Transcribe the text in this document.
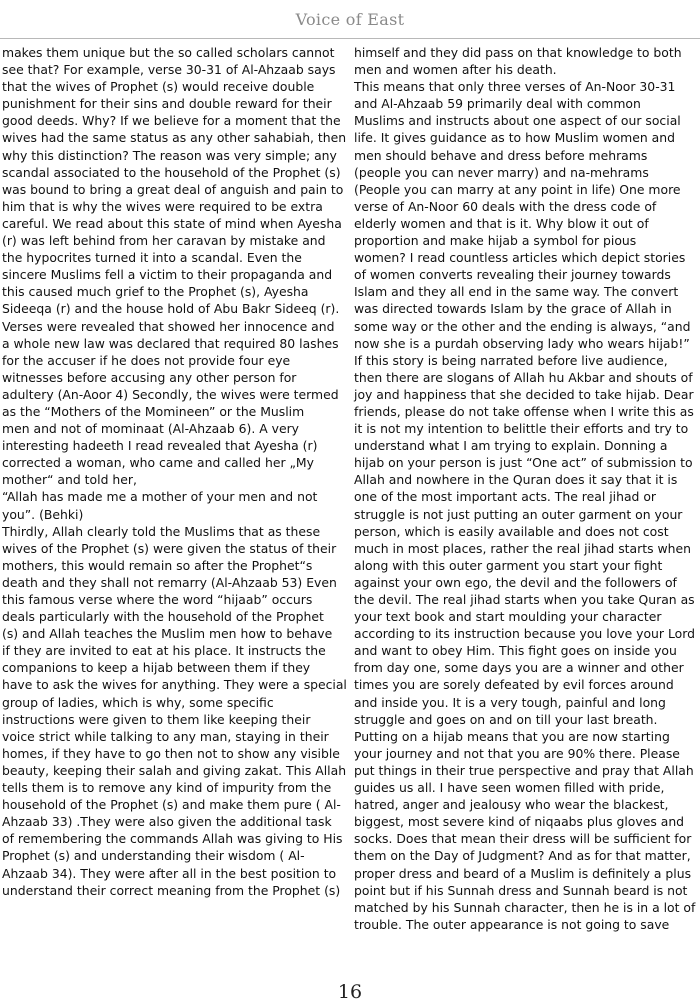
Voice of East
makes them unique but the so called scholars cannot
see that? For example, verse 30-31 of Al-Ahzaab says
that the wives of Prophet (s) would receive double
punishment for their sins and double reward for their
good deeds. Why? If we believe for a moment that the
wives had the same status as any other sahabiah, then
why this distinction? The reason was very simple; any
scandal associated to the household of the Prophet (s)
was bound to bring a great deal of anguish and pain to
him that is why the wives were required to be extra
careful. We read about this state of mind when Ayesha
(r) was left behind from her caravan by mistake and
the hypocrites turned it into a scandal. Even the
sincere Muslims fell a victim to their propaganda and
this caused much grief to the Prophet (s), Ayesha
Sideeqa (r) and the house hold of Abu Bakr Sideeq (r).
Verses were revealed that showed her innocence and
a whole new law was declared that required 80 lashes
for the accuser if he does not provide four eye
witnesses before accusing any other person for
adultery (An-Aoor 4) Secondly, the wives were termed
as the “Mothers of the Momineen” or the Muslim
men and not of mominaat (Al-Ahzaab 6). A very
interesting hadeeth I read revealed that Ayesha (r)
corrected a woman, who came and called her „My
mother“ and told her,
“Allah has made me a mother of your men and not
you”. (Behki)
Thirdly, Allah clearly told the Muslims that as these
wives of the Prophet (s) were given the status of their
mothers, this would remain so after the Prophet“s
death and they shall not remarry (Al-Ahzaab 53) Even
this famous verse where the word “hijaab” occurs
deals particularly with the household of the Prophet
(s) and Allah teaches the Muslim men how to behave
if they are invited to eat at his place. It instructs the
companions to keep a hijab between them if they
have to ask the wives for anything. They were a special
group of ladies, which is why, some specific
instructions were given to them like keeping their
voice strict while talking to any man, staying in their
homes, if they have to go then not to show any visible
beauty, keeping their salah and giving zakat. This Allah
tells them is to remove any kind of impurity from the
household of the Prophet (s) and make them pure ( Al-
Ahzaab 33) .They were also given the additional task
of remembering the commands Allah was giving to His
Prophet (s) and understanding their wisdom ( Al-
Ahzaab 34). They were after all in the best position to
understand their correct meaning from the Prophet (s)
himself and they did pass on that knowledge to both
men and women after his death.
This means that only three verses of An-Noor 30-31
and Al-Ahzaab 59 primarily deal with common
Muslims and instructs about one aspect of our social
life. It gives guidance as to how Muslim women and
men should behave and dress before mehrams
(people you can never marry) and na-mehrams
(People you can marry at any point in life) One more
verse of An-Noor 60 deals with the dress code of
elderly women and that is it. Why blow it out of
proportion and make hijab a symbol for pious
women? I read countless articles which depict stories
of women converts revealing their journey towards
Islam and they all end in the same way. The convert
was directed towards Islam by the grace of Allah in
some way or the other and the ending is always, “and
now she is a purdah observing lady who wears hijab!”
If this story is being narrated before live audience,
then there are slogans of Allah hu Akbar and shouts of
joy and happiness that she decided to take hijab. Dear
friends, please do not take offense when I write this as
it is not my intention to belittle their efforts and try to
understand what I am trying to explain. Donning a
hijab on your person is just “One act” of submission to
Allah and nowhere in the Quran does it say that it is
one of the most important acts. The real jihad or
struggle is not just putting an outer garment on your
person, which is easily available and does not cost
much in most places, rather the real jihad starts when
along with this outer garment you start your fight
against your own ego, the devil and the followers of
the devil. The real jihad starts when you take Quran as
your text book and start moulding your character
according to its instruction because you love your Lord
and want to obey Him. This fight goes on inside you
from day one, some days you are a winner and other
times you are sorely defeated by evil forces around
and inside you. It is a very tough, painful and long
struggle and goes on and on till your last breath.
Putting on a hijab means that you are now starting
your journey and not that you are 90% there. Please
put things in their true perspective and pray that Allah
guides us all. I have seen women filled with pride,
hatred, anger and jealousy who wear the blackest,
biggest, most severe kind of niqaabs plus gloves and
socks. Does that mean their dress will be sufficient for
them on the Day of Judgment? And as for that matter,
proper dress and beard of a Muslim is definitely a plus
point but if his Sunnah dress and Sunnah beard is not
matched by his Sunnah character, then he is in a lot of
trouble. The outer appearance is not going to save
16
